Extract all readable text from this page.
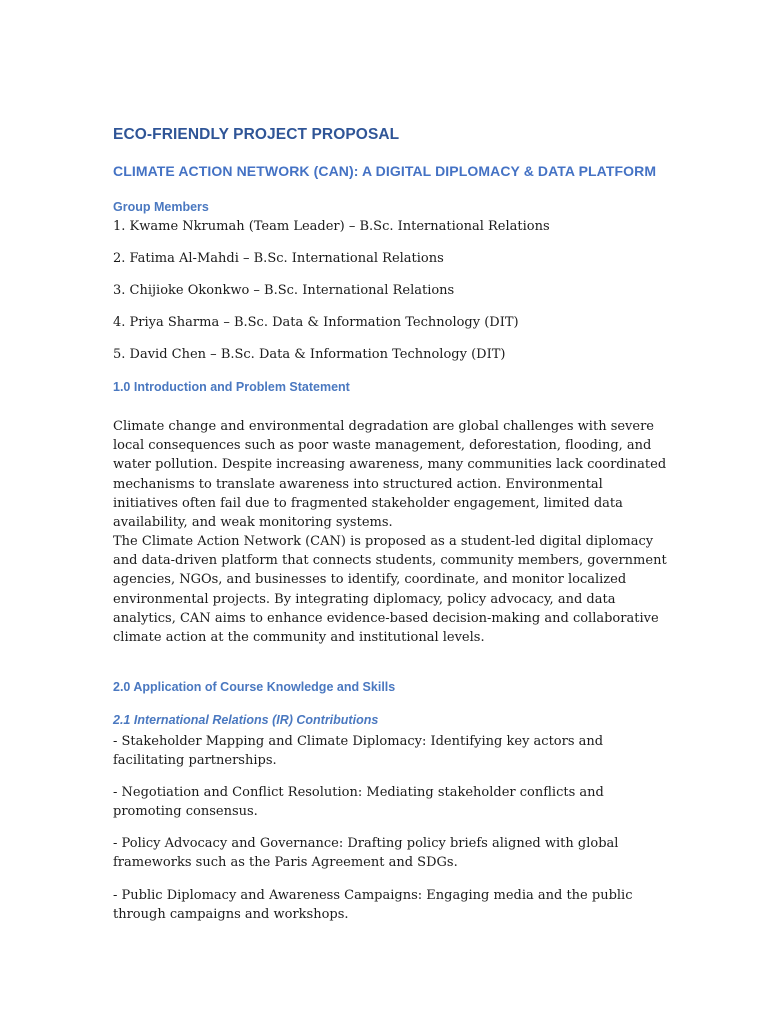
ECO-FRIENDLY PROJECT PROPOSAL
CLIMATE ACTION NETWORK (CAN): A DIGITAL DIPLOMACY & DATA PLATFORM
Group Members
1. Kwame Nkrumah (Team Leader) – B.Sc. International Relations
2. Fatima Al-Mahdi – B.Sc. International Relations
3. Chijioke Okonkwo – B.Sc. International Relations
4. Priya Sharma – B.Sc. Data & Information Technology (DIT)
5. David Chen – B.Sc. Data & Information Technology (DIT)
1.0 Introduction and Problem Statement

Climate change and environmental degradation are global challenges with severe local consequences such as poor waste management, deforestation, flooding, and water pollution. Despite increasing awareness, many communities lack coordinated mechanisms to translate awareness into structured action. Environmental initiatives often fail due to fragmented stakeholder engagement, limited data availability, and weak monitoring systems.

The Climate Action Network (CAN) is proposed as a student-led digital diplomacy and data-driven platform that connects students, community members, government agencies, NGOs, and businesses to identify, coordinate, and monitor localized environmental projects. By integrating diplomacy, policy advocacy, and data analytics, CAN aims to enhance evidence-based decision-making and collaborative climate action at the community and institutional levels.

2.0 Application of Course Knowledge and Skills
2.1 International Relations (IR) Contributions

- Stakeholder Mapping and Climate Diplomacy: Identifying key actors and facilitating partnerships.

- Negotiation and Conflict Resolution: Mediating stakeholder conflicts and promoting consensus.

- Policy Advocacy and Governance: Drafting policy briefs aligned with global frameworks such as the Paris Agreement and SDGs.

- Public Diplomacy and Awareness Campaigns: Engaging media and the public through campaigns and workshops.
